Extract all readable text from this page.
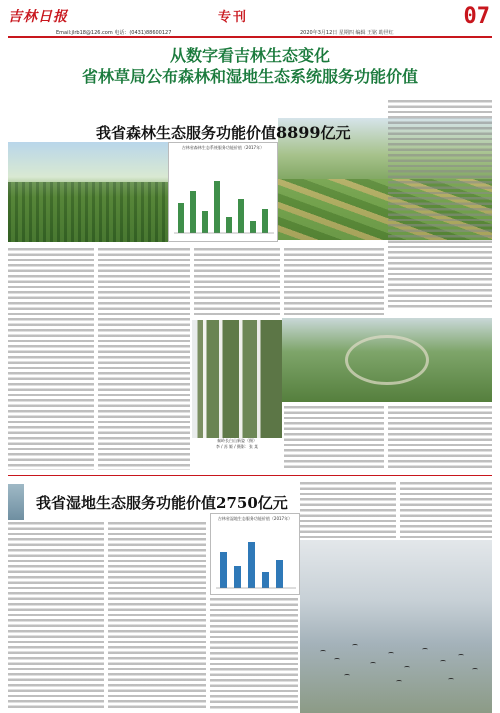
吉林日报
Email:jlrb18@126.com 电话：(0431)88600127
专刊
2020年3月12日 星期四 编辑 王铭 助世红
07
从数字看吉林生态变化
省林草局公布森林和湿地生态系统服务功能价值
我省森林生态服务功能价值8899亿元
吉林省森林生态系统服务功能价值（2017年）
秦岭长白山新姿（摄）
李 / 苏 姬 / 摄影：张 某
我省湿地生态服务功能价值2750亿元
吉林省湿地生态服务功能价值（2017年）
